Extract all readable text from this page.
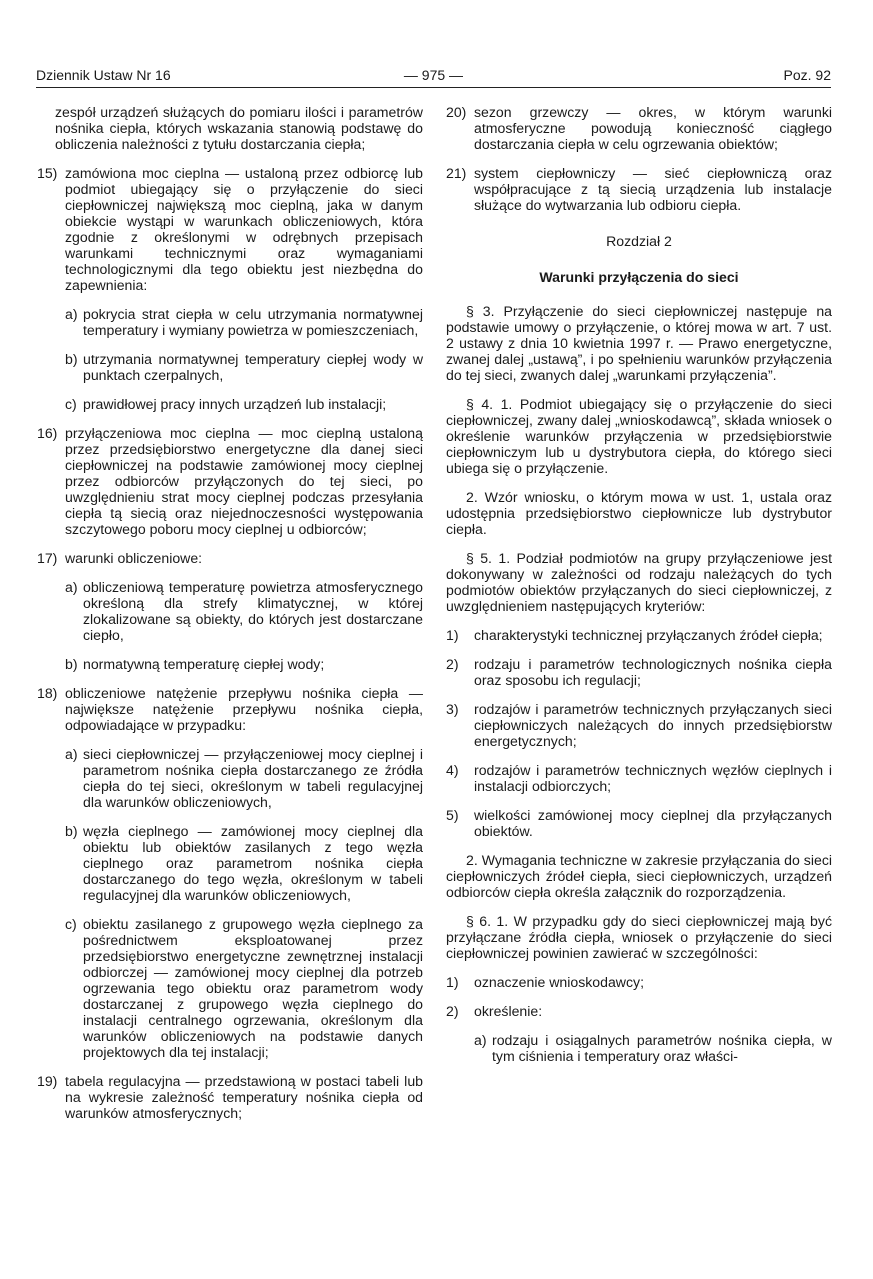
Dziennik Ustaw Nr 16	— 975 —	Poz. 92
zespół urządzeń służących do pomiaru ilości i parametrów nośnika ciepła, których wskazania stanowią podstawę do obliczenia należności z tytułu dostarczania ciepła;
15) zamówiona moc cieplna — ustaloną przez odbiorcę lub podmiot ubiegający się o przyłączenie do sieci ciepłowniczej największą moc cieplną, jaka w danym obiekcie wystąpi w warunkach obliczeniowych, która zgodnie z określonymi w odrębnych przepisach warunkami technicznymi oraz wymaganiami technologicznymi dla tego obiektu jest niezbędna do zapewnienia:
a) pokrycia strat ciepła w celu utrzymania normatywnej temperatury i wymiany powietrza w pomieszczeniach,
b) utrzymania normatywnej temperatury ciepłej wody w punktach czerpalnych,
c) prawidłowej pracy innych urządzeń lub instalacji;
16) przyłączeniowa moc cieplna — moc cieplną ustaloną przez przedsiębiorstwo energetyczne dla danej sieci ciepłowniczej na podstawie zamówionej mocy cieplnej przez odbiorców przyłączonych do tej sieci, po uwzględnieniu strat mocy cieplnej podczas przesyłania ciepła tą siecią oraz niejednoczesności występowania szczytowego poboru mocy cieplnej u odbiorców;
17) warunki obliczeniowe:
a) obliczeniową temperaturę powietrza atmosferycznego określoną dla strefy klimatycznej, w której zlokalizowane są obiekty, do których jest dostarczane ciepło,
b) normatywną temperaturę ciepłej wody;
18) obliczeniowe natężenie przepływu nośnika ciepła — największe natężenie przepływu nośnika ciepła, odpowiadające w przypadku:
a) sieci ciepłowniczej — przyłączeniowej mocy cieplnej i parametrom nośnika ciepła dostarczanego ze źródła ciepła do tej sieci, określonym w tabeli regulacyjnej dla warunków obliczeniowych,
b) węzła cieplnego — zamówionej mocy cieplnej dla obiektu lub obiektów zasilanych z tego węzła cieplnego oraz parametrom nośnika ciepła dostarczanego do tego węzła, określonym w tabeli regulacyjnej dla warunków obliczeniowych,
c) obiektu zasilanego z grupowego węzła cieplnego za pośrednictwem eksploatowanej przez przedsiębiorstwo energetyczne zewnętrznej instalacji odbiorczej — zamówionej mocy cieplnej dla potrzeb ogrzewania tego obiektu oraz parametrom wody dostarczanej z grupowego węzła cieplnego do instalacji centralnego ogrzewania, określonym dla warunków obliczeniowych na podstawie danych projektowych dla tej instalacji;
19) tabela regulacyjna — przedstawioną w postaci tabeli lub na wykresie zależność temperatury nośnika ciepła od warunków atmosferycznych;
20) sezon grzewczy — okres, w którym warunki atmosferyczne powodują konieczność ciągłego dostarczania ciepła w celu ogrzewania obiektów;
21) system ciepłowniczy — sieć ciepłowniczą oraz współpracujące z tą siecią urządzenia lub instalacje służące do wytwarzania lub odbioru ciepła.
Rozdział 2
Warunki przyłączenia do sieci
§ 3. Przyłączenie do sieci ciepłowniczej następuje na podstawie umowy o przyłączenie, o której mowa w art. 7 ust. 2 ustawy z dnia 10 kwietnia 1997 r. — Prawo energetyczne, zwanej dalej „ustawą”, i po spełnieniu warunków przyłączenia do tej sieci, zwanych dalej „warunkami przyłączenia”.
§ 4. 1. Podmiot ubiegający się o przyłączenie do sieci ciepłowniczej, zwany dalej „wnioskodawcą”, składa wniosek o określenie warunków przyłączenia w przedsiębiorstwie ciepłowniczym lub u dystrybutora ciepła, do którego sieci ubiega się o przyłączenie.
2. Wzór wniosku, o którym mowa w ust. 1, ustala oraz udostępnia przedsiębiorstwo ciepłownicze lub dystrybutor ciepła.
§ 5. 1. Podział podmiotów na grupy przyłączeniowe jest dokonywany w zależności od rodzaju należących do tych podmiotów obiektów przyłączanych do sieci ciepłowniczej, z uwzględnieniem następujących kryteriów:
1) charakterystyki technicznej przyłączanych źródeł ciepła;
2) rodzaju i parametrów technologicznych nośnika ciepła oraz sposobu ich regulacji;
3) rodzajów i parametrów technicznych przyłączanych sieci ciepłowniczych należących do innych przedsiębiorstw energetycznych;
4) rodzajów i parametrów technicznych węzłów cieplnych i instalacji odbiorczych;
5) wielkości zamówionej mocy cieplnej dla przyłączanych obiektów.
2. Wymagania techniczne w zakresie przyłączania do sieci ciepłowniczych źródeł ciepła, sieci ciepłowniczych, urządzeń odbiorców ciepła określa załącznik do rozporządzenia.
§ 6. 1. W przypadku gdy do sieci ciepłowniczej mają być przyłączane źródła ciepła, wniosek o przyłączenie do sieci ciepłowniczej powinien zawierać w szczególności:
1) oznaczenie wnioskodawcy;
2) określenie:
a) rodzaju i osiągalnych parametrów nośnika ciepła, w tym ciśnienia i temperatury oraz właści-
